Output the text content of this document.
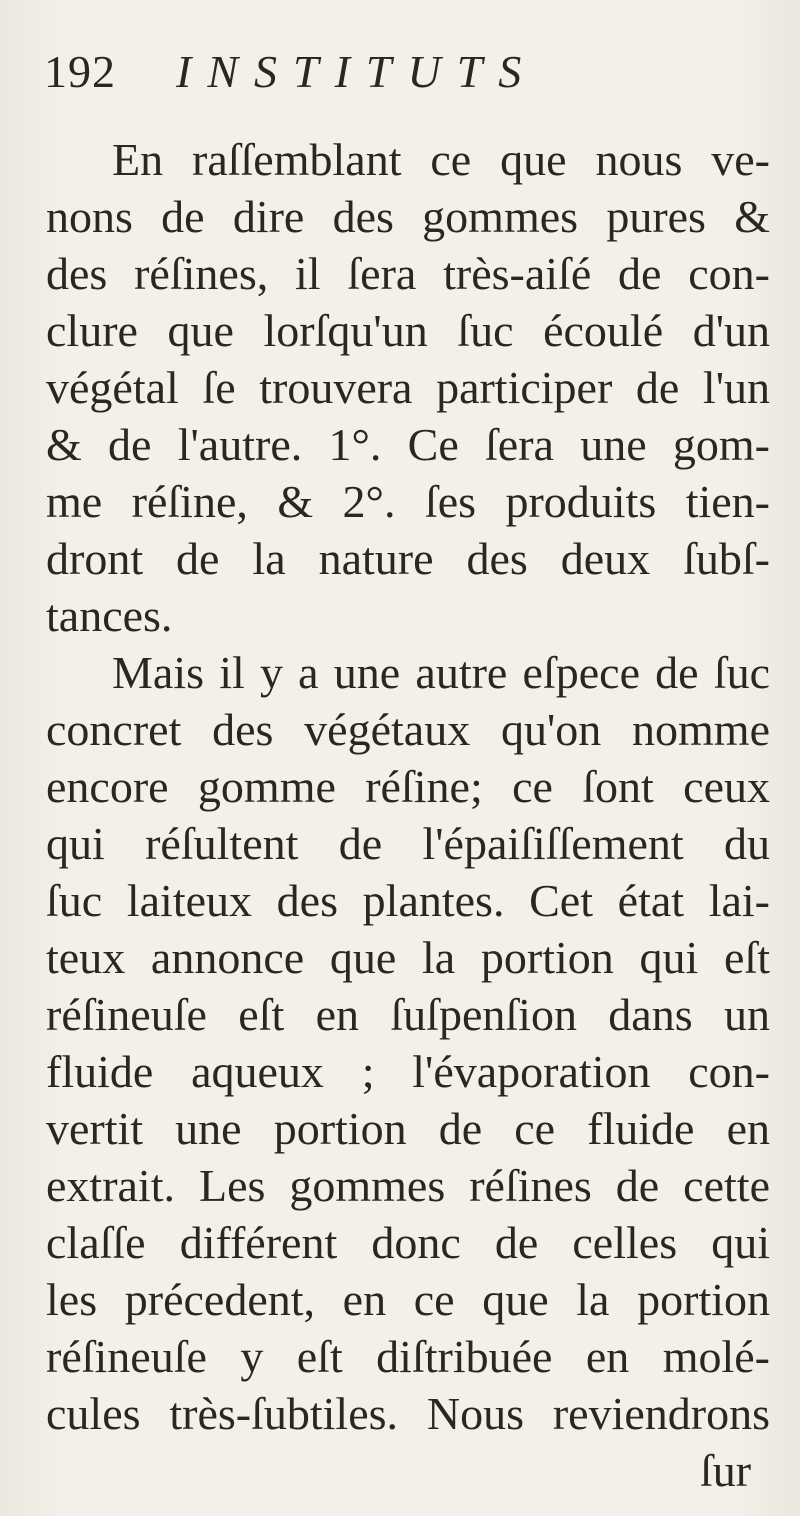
192 INSTITUTS
En raſſemblant ce que nous ve-
nons de dire des gommes pures &
des réſines, il ſera très-aiſé de con-
clure que lorſqu'un ſuc écoulé d'un
végétal ſe trouvera participer de l'un
& de l'autre. 1°. Ce ſera une gom-
me réſine, & 2°. ſes produits tien-
dront de la nature des deux ſubſ-
tances.
Mais il y a une autre eſpece de ſuc
concret des végétaux qu'on nomme
encore gomme réſine; ce ſont ceux
qui réſultent de l'épaiſiſſement du
ſuc laiteux des plantes. Cet état lai-
teux annonce que la portion qui eſt
réſineuſe eſt en ſuſpenſion dans un
fluide aqueux ; l'évaporation con-
vertit une portion de ce fluide en
extrait. Les gommes réſines de cette
claſſe différent donc de celles qui
les précedent, en ce que la portion
réſineuſe y eſt diſtribuée en molé-
cules très-ſubtiles. Nous reviendrons
ſur
